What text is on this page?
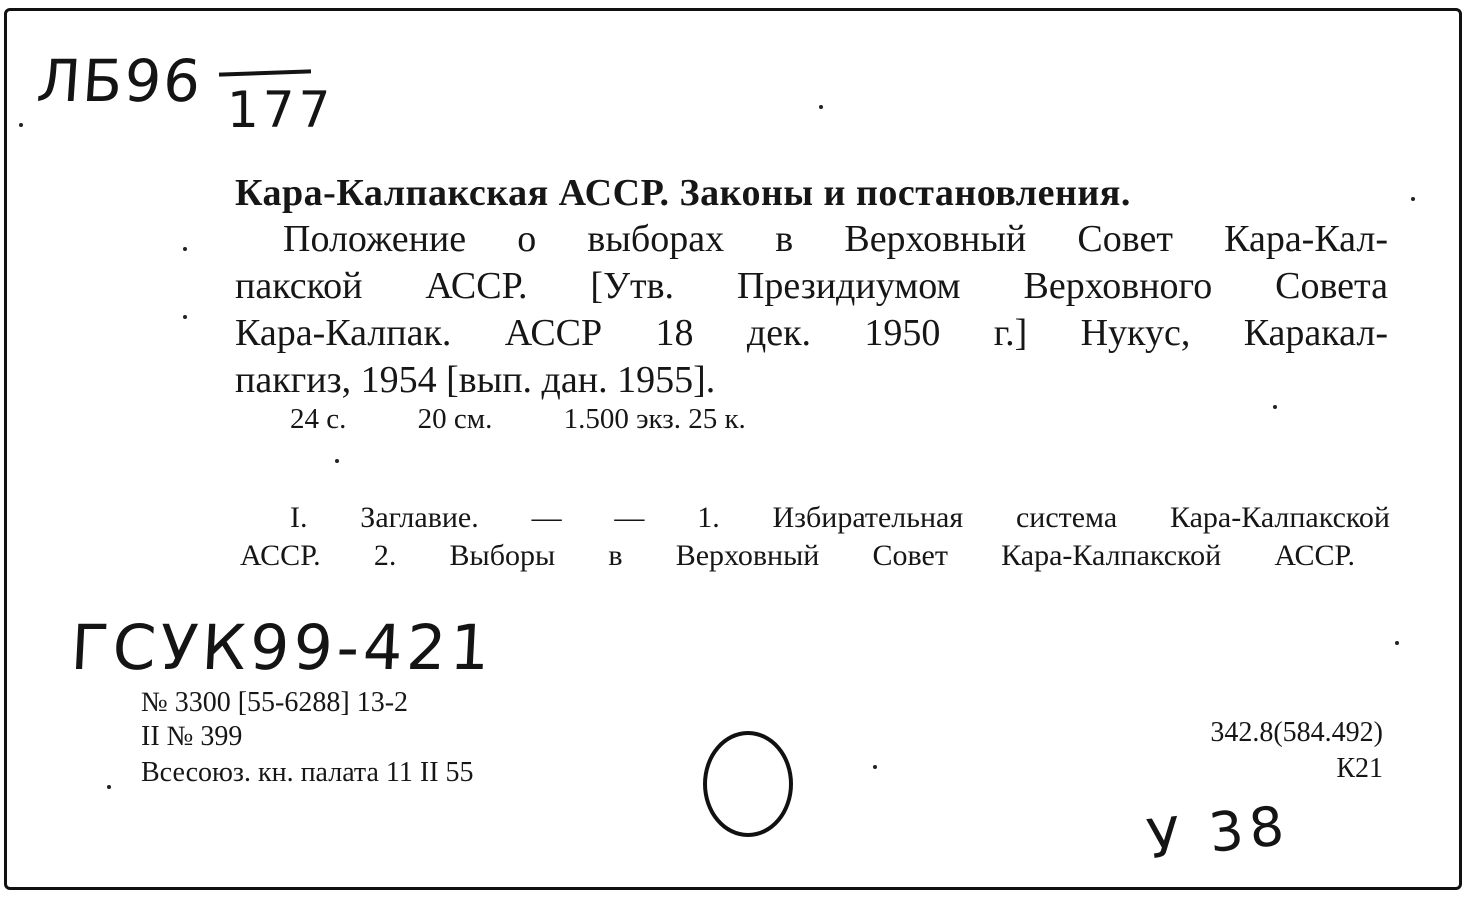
ЛБ96 177
Кара-Калпакская АССР. Законы и постановления.
Положение о выборах в Верховный Совет Кара-Кал-
пакской АССР. [Утв. Президиумом Верховного Совета
Кара-Калпак. АССР 18 дек. 1950 г.] Нукус, Каракал-
пакгиз, 1954 [вып. дан. 1955].
24 с. 20 см. 1.500 экз. 25 к.
I. Заглавие. — — 1. Избирательная система Кара-Калпакской
АССР. 2. Выборы в Верховный Совет Кара-Калпакской АССР.
ГСУК99-421
№ 3300 [55-6288] 13-2
II № 399
Всесоюз. кн. палата 11 II 55
342.8(584.492)
К21
У 38
